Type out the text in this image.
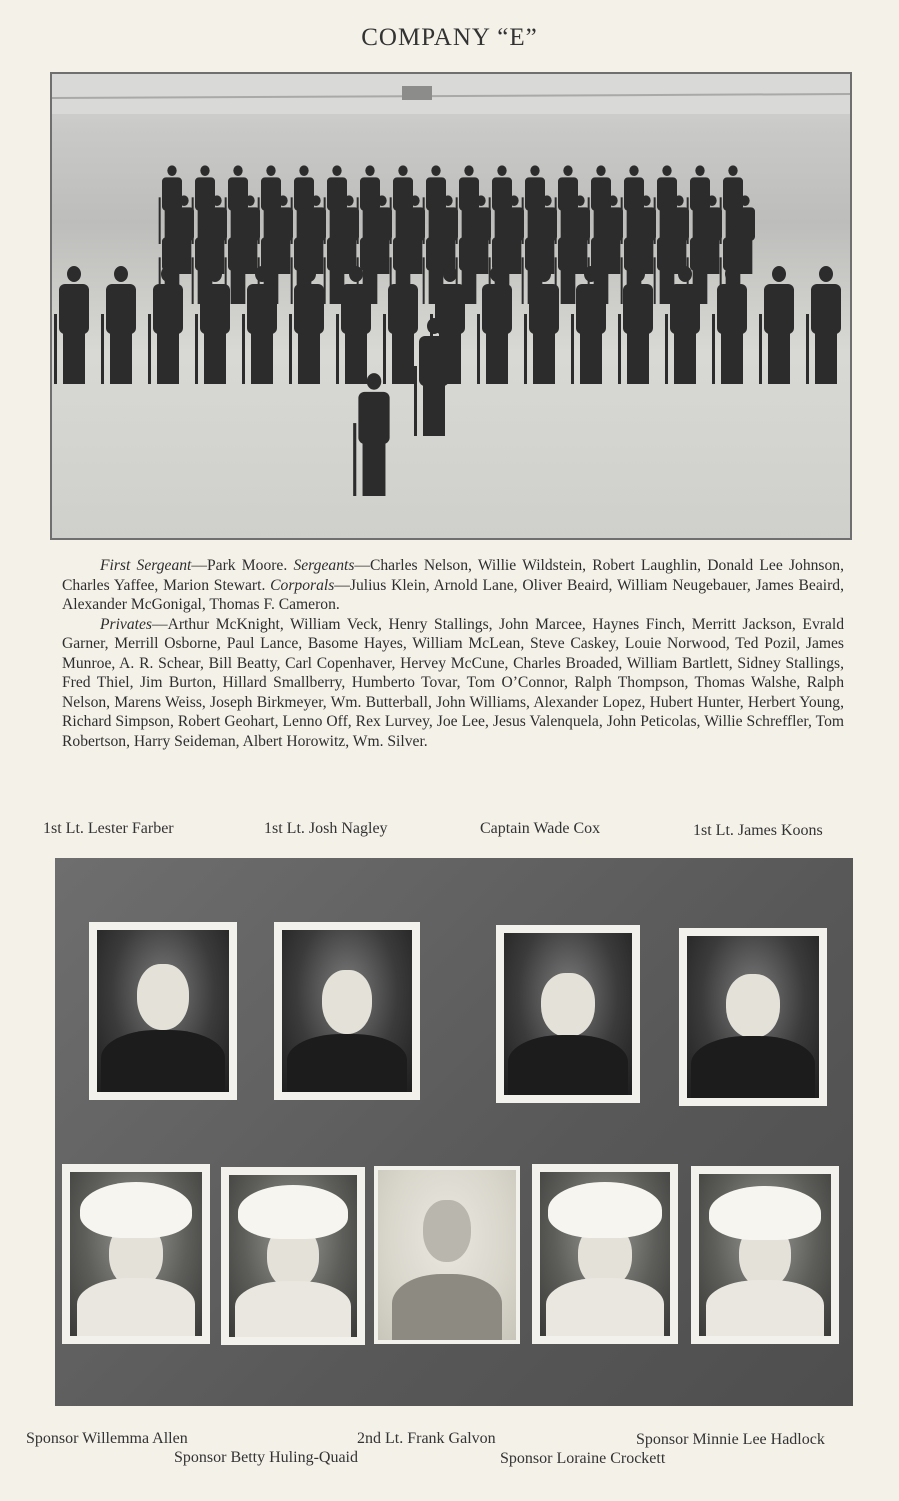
COMPANY “E”

First Sergeant—Park Moore. Sergeants—Charles Nelson, Willie Wildstein, Robert Laughlin, Donald Lee Johnson, Charles Yaffee, Marion Stewart. Corporals—Julius Klein, Arnold Lane, Oliver Beaird, William Neugebauer, James Beaird, Alexander McGonigal, Thomas F. Cameron.

Privates—Arthur McKnight, William Veck, Henry Stallings, John Marcee, Haynes Finch, Merritt Jackson, Evrald Garner, Merrill Osborne, Paul Lance, Basome Hayes, William McLean, Steve Caskey, Louie Norwood, Ted Pozil, James Munroe, A. R. Schear, Bill Beatty, Carl Copenhaver, Hervey McCune, Charles Broaded, William Bartlett, Sidney Stallings, Fred Thiel, Jim Burton, Hillard Smallberry, Humberto Tovar, Tom O’Connor, Ralph Thompson, Thomas Walshe, Ralph Nelson, Marens Weiss, Joseph Birkmeyer, Wm. Butterball, John Williams, Alexander Lopez, Hubert Hunter, Herbert Young, Richard Simpson, Robert Geohart, Lenno Off, Rex Lurvey, Joe Lee, Jesus Valenquela, John Peticolas, Willie Schreffler, Tom Robertson, Harry Seideman, Albert Horowitz, Wm. Silver.

1st Lt. Lester Farber	1st Lt. Josh Nagley	Captain Wade Cox	1st Lt. James Koons
Sponsor Willemma Allen	2nd Lt. Frank Galvon	Sponsor Minnie Lee Hadlock
Sponsor Betty Huling-Quaid	Sponsor Loraine Crockett
